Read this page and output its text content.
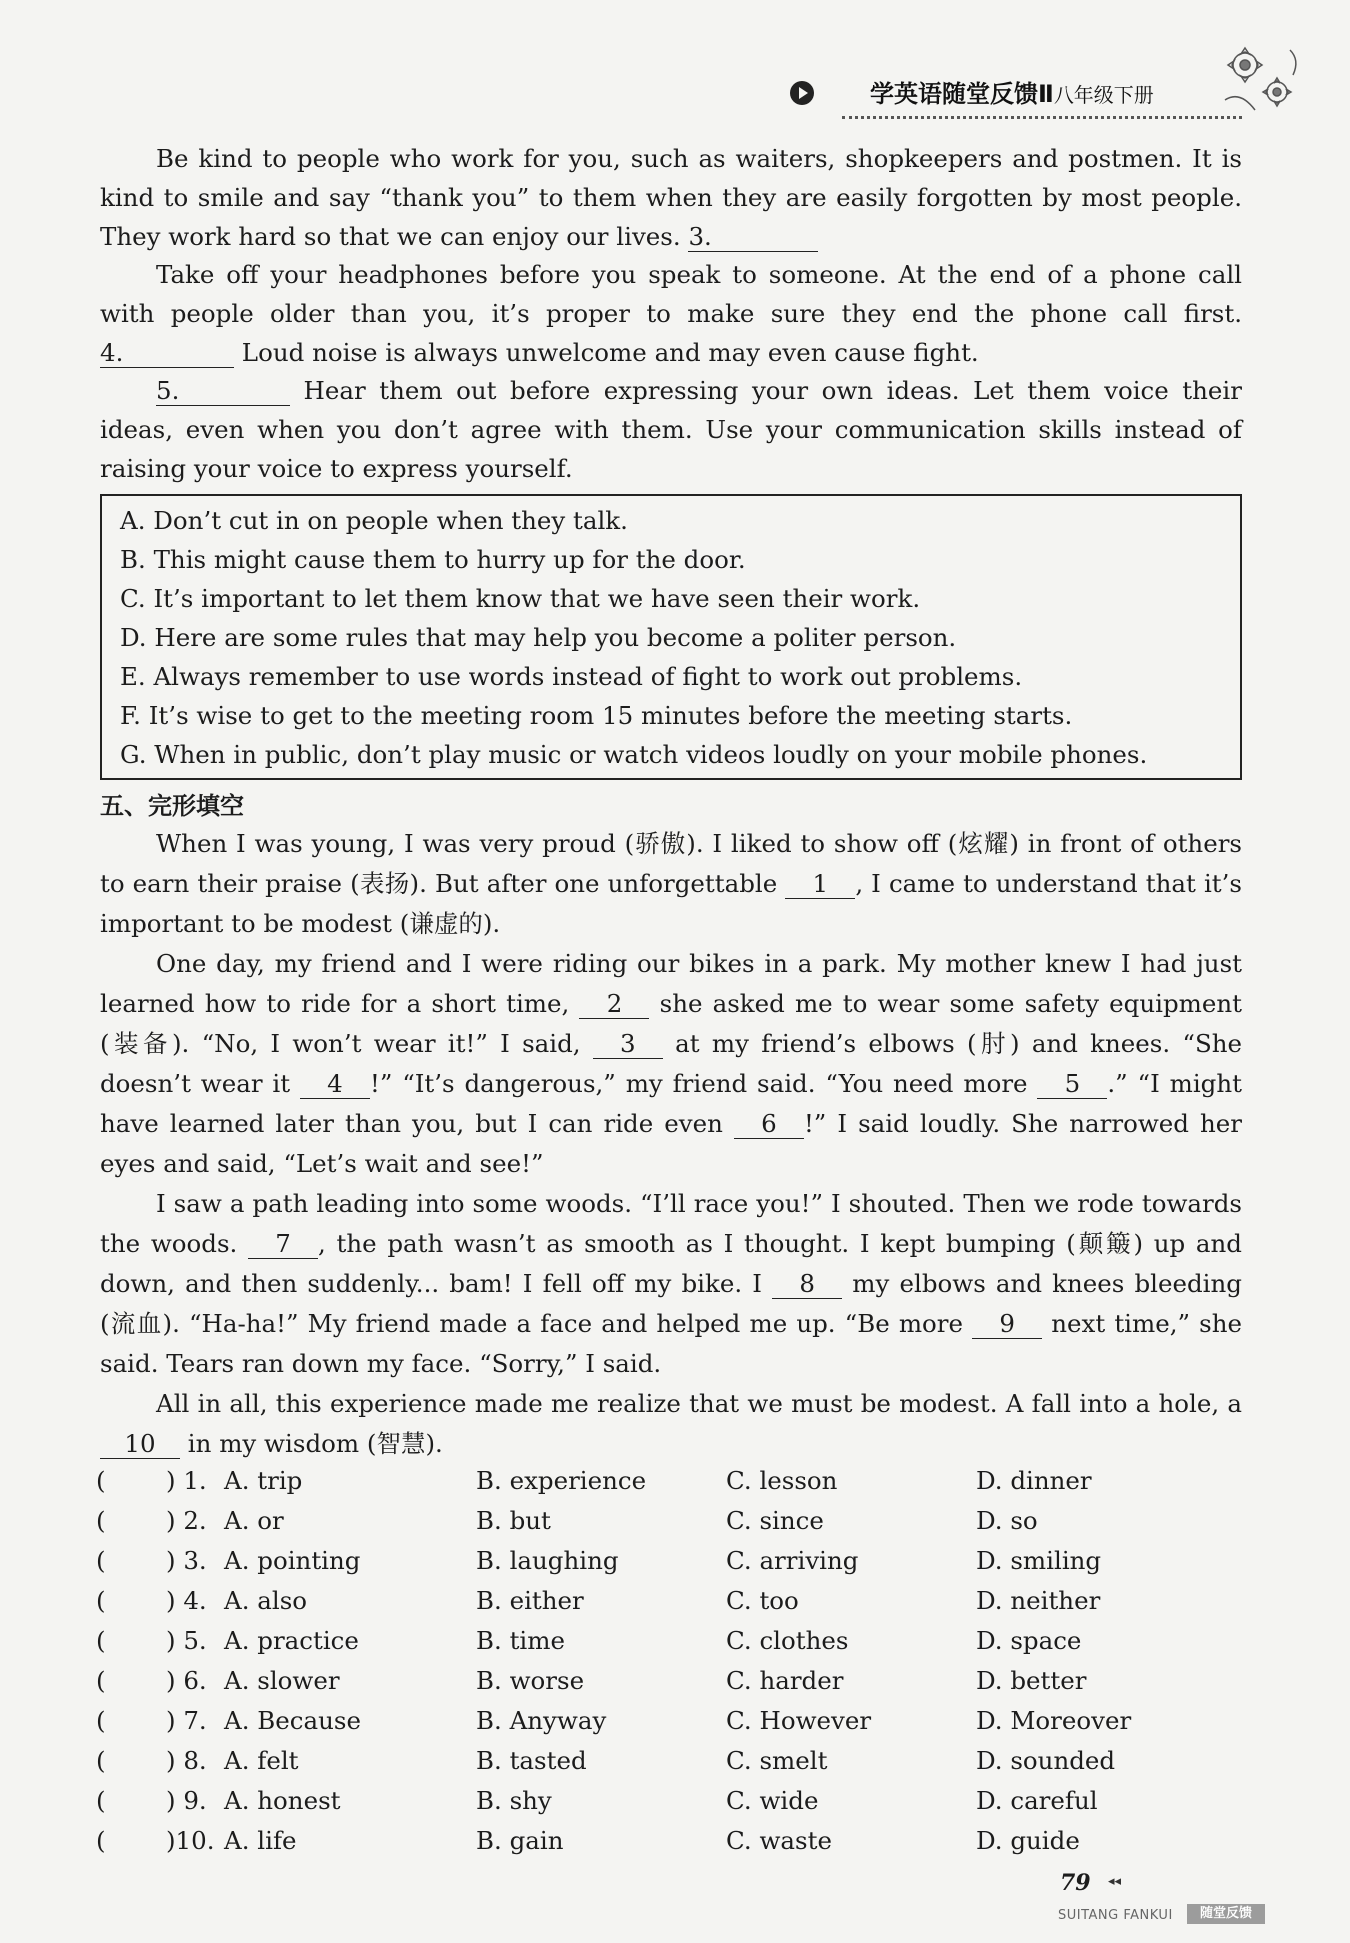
学英语随堂反馈Ⅱ八年级下册
Be kind to people who work for you, such as waiters, shopkeepers and postmen. It is kind to smile and say “thank you” to them when they are easily forgotten by most people. They work hard so that we can enjoy our lives. 3.
Take off your headphones before you speak to someone. At the end of a phone call with people older than you, it’s proper to make sure they end the phone call first. 4.	Loud noise is always unwelcome and may even cause fight.
5.	Hear them out before expressing your own ideas. Let them voice their ideas, even when you don’t agree with them. Use your communication skills instead of raising your voice to express yourself.
A. Don’t cut in on people when they talk.
B. This might cause them to hurry up for the door.
C. It’s important to let them know that we have seen their work.
D. Here are some rules that may help you become a politer person.
E. Always remember to use words instead of fight to work out problems.
F. It’s wise to get to the meeting room 15 minutes before the meeting starts.
G. When in public, don’t play music or watch videos loudly on your mobile phones.
五、完形填空
When I was young, I was very proud (骄傲). I liked to show off (炫耀) in front of others to earn their praise (表扬). But after one unforgettable 1 , I came to understand that it’s important to be modest (谦虚的).
One day, my friend and I were riding our bikes in a park. My mother knew I had just learned how to ride for a short time, 2 she asked me to wear some safety equipment (装备). “No, I won’t wear it!” I said, 3 at my friend’s elbows (肘) and knees. “She doesn’t wear it 4 !” “It’s dangerous,” my friend said. “You need more 5 .” “I might have learned later than you, but I can ride even 6 !” I said loudly. She narrowed her eyes and said, “Let’s wait and see!”
I saw a path leading into some woods. “I’ll race you!” I shouted. Then we rode towards the woods. 7 , the path wasn’t as smooth as I thought. I kept bumping (颠簸) up and down, and then suddenly... bam! I fell off my bike. I 8 my elbows and knees bleeding (流血). “Ha-ha!” My friend made a face and helped me up. “Be more 9 next time,” she said. Tears ran down my face. “Sorry,” I said.
All in all, this experience made me realize that we must be modest. A fall into a hole, a 10 in my wisdom (智慧).
( ) 1. A. trip	B. experience	C. lesson	D. dinner
( ) 2. A. or	B. but	C. since	D. so
( ) 3. A. pointing	B. laughing	C. arriving	D. smiling
( ) 4. A. also	B. either	C. too	D. neither
( ) 5. A. practice	B. time	C. clothes	D. space
( ) 6. A. slower	B. worse	C. harder	D. better
( ) 7. A. Because	B. Anyway	C. However	D. Moreover
( ) 8. A. felt	B. tasted	C. smelt	D. sounded
( ) 9. A. honest	B. shy	C. wide	D. careful
( )10. A. life	B. gain	C. waste	D. guide
79 ◂◂
SUITANG FANKUI	随堂反馈
